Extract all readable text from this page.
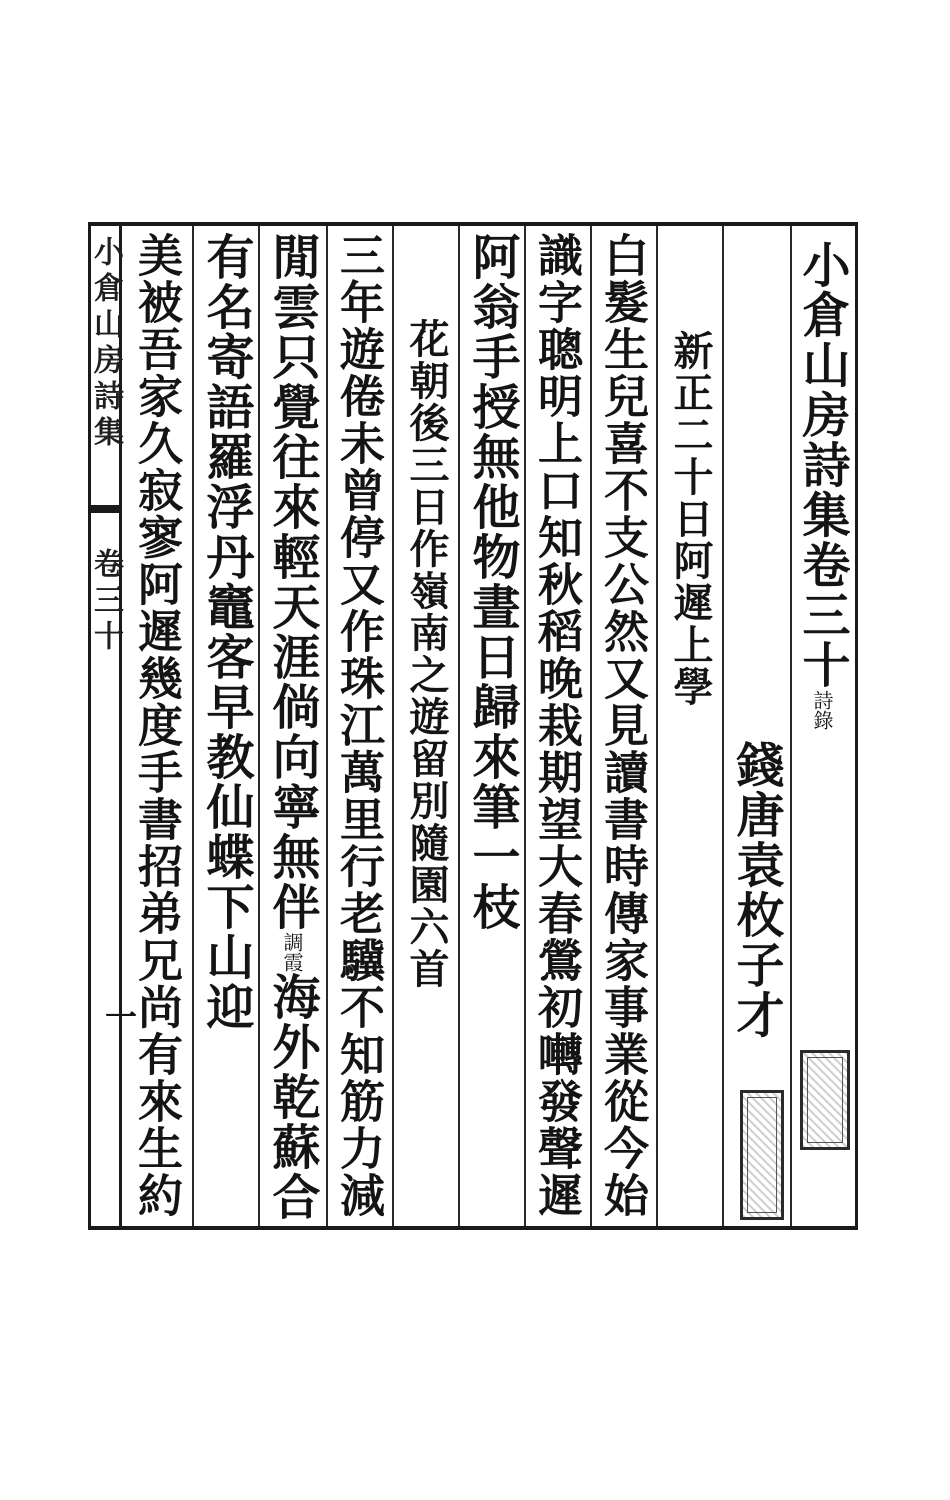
小倉山房詩集
卷三十
一
小倉山房詩集卷三十詩錄
錢唐袁枚子才
新正二十日阿遲上學
白髮生兒喜不支公然又見讀書時傳家事業從今始
識字聰明上口知秋稻晚栽期望大春鶯初囀發聲遲
阿翁手授無他物晝日歸來筆一枝
花朝後三日作嶺南之遊留別隨園六首
三年遊倦未曾停又作珠江萬里行老驥不知筋力減
閒雲只覺往來輕天涯倘向寧無伴調霞海外乾蘇合
有名寄語羅浮丹竈客早教仙蝶下山迎
美被吾家久寂寥阿遲幾度手書招弟兄尚有來生約
